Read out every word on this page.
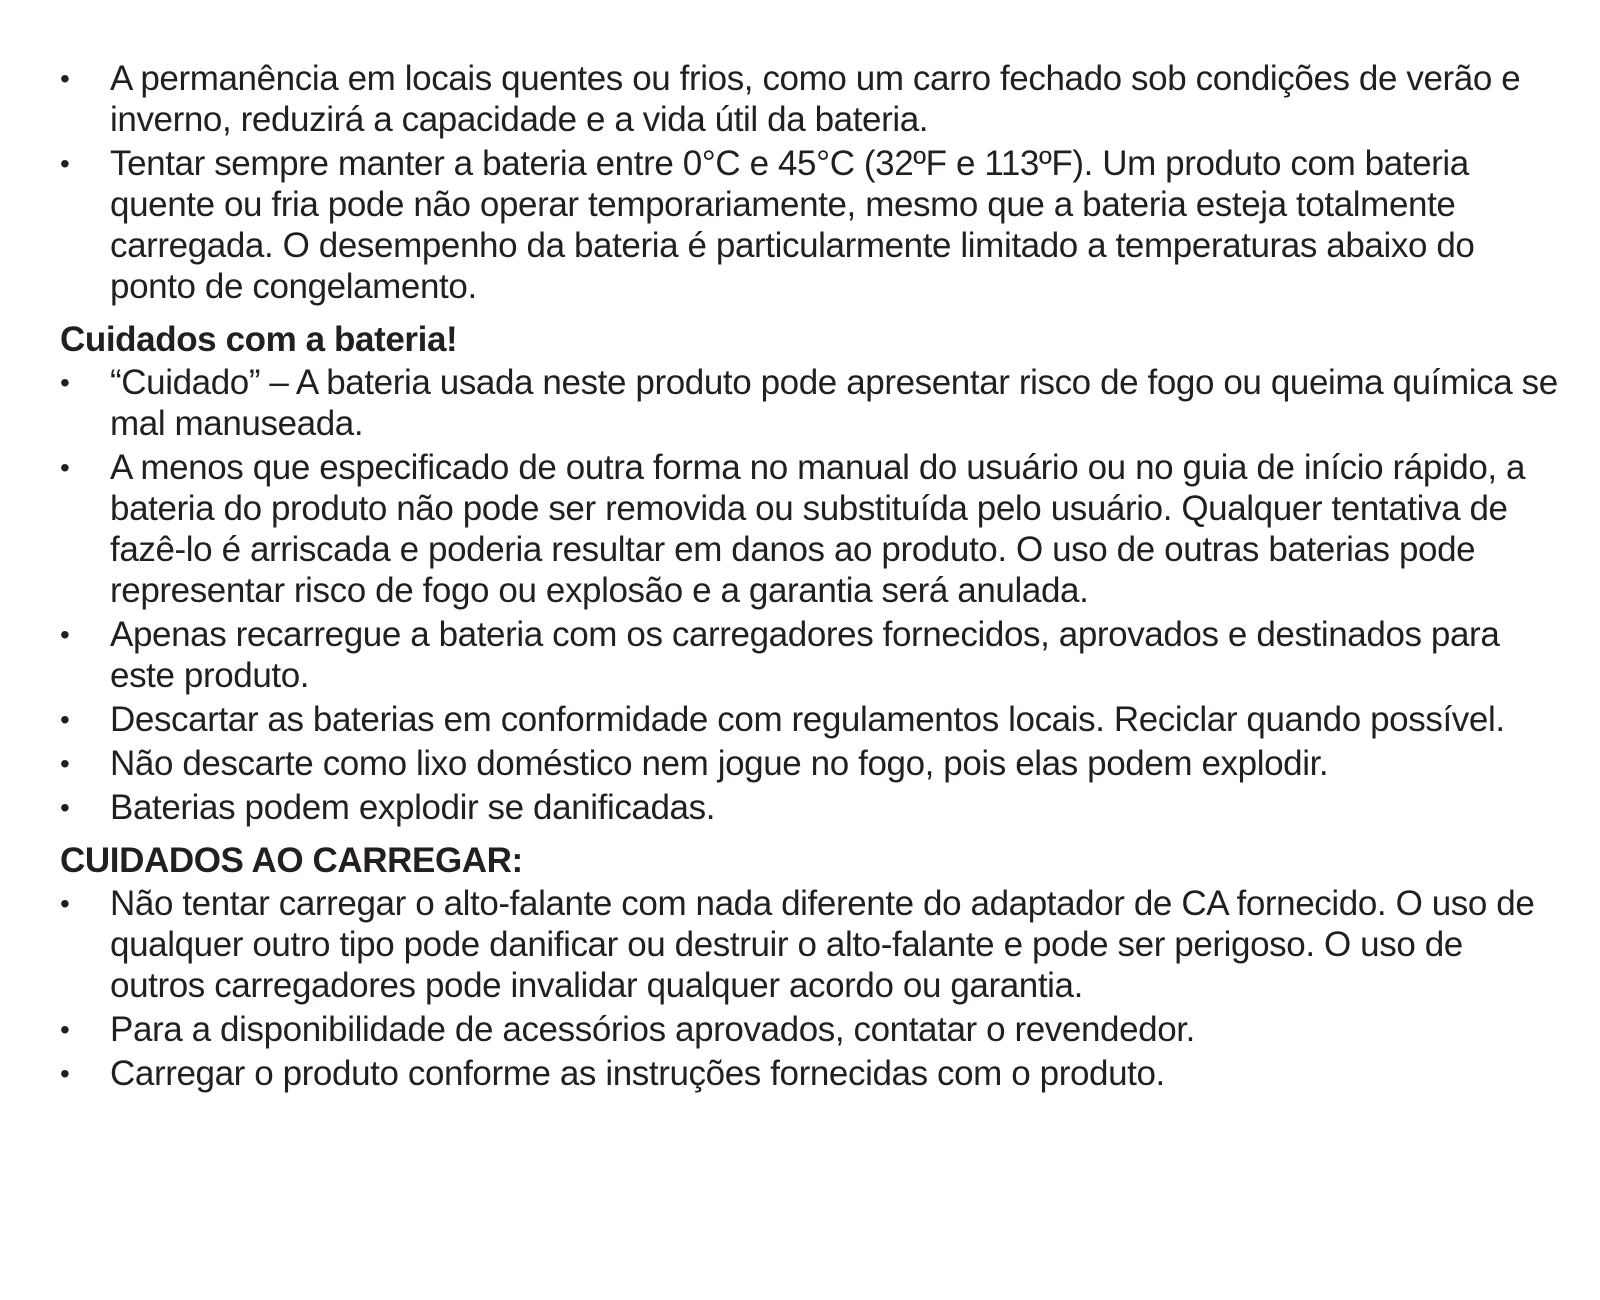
•	A permanência em locais quentes ou frios, como um carro fechado sob condições de verão e inverno, reduzirá a capacidade e a vida útil da bateria.
•	Tentar sempre manter a bateria entre 0°C e 45°C (32ºF e 113ºF). Um produto com bateria quente ou fria pode não operar temporariamente, mesmo que a bateria esteja totalmente carregada. O desempenho da bateria é particularmente limitado a temperaturas abaixo do ponto de congelamento.
Cuidados com a bateria!
•	“Cuidado” – A bateria usada neste produto pode apresentar risco de fogo ou queima química se mal manuseada.
•	A menos que especificado de outra forma no manual do usuário ou no guia de início rápido, a bateria do produto não pode ser removida ou substituída pelo usuário. Qualquer tentativa de fazê-lo é arriscada e poderia resultar em danos ao produto. O uso de outras baterias pode representar risco de fogo ou explosão e a garantia será anulada.
•	Apenas recarregue a bateria com os carregadores fornecidos, aprovados e destinados para este produto.
•	Descartar as baterias em conformidade com regulamentos locais. Reciclar quando possível.
•	Não descarte como lixo doméstico nem jogue no fogo, pois elas podem explodir.
•	Baterias podem explodir se danificadas.
CUIDADOS AO CARREGAR:
•	Não tentar carregar o alto-falante com nada diferente do adaptador de CA fornecido. O uso de qualquer outro tipo pode danificar ou destruir o alto-falante e pode ser perigoso. O uso de outros carregadores pode invalidar qualquer acordo ou garantia.
•	Para a disponibilidade de acessórios aprovados, contatar o revendedor.
•	Carregar o produto conforme as instruções fornecidas com o produto.
